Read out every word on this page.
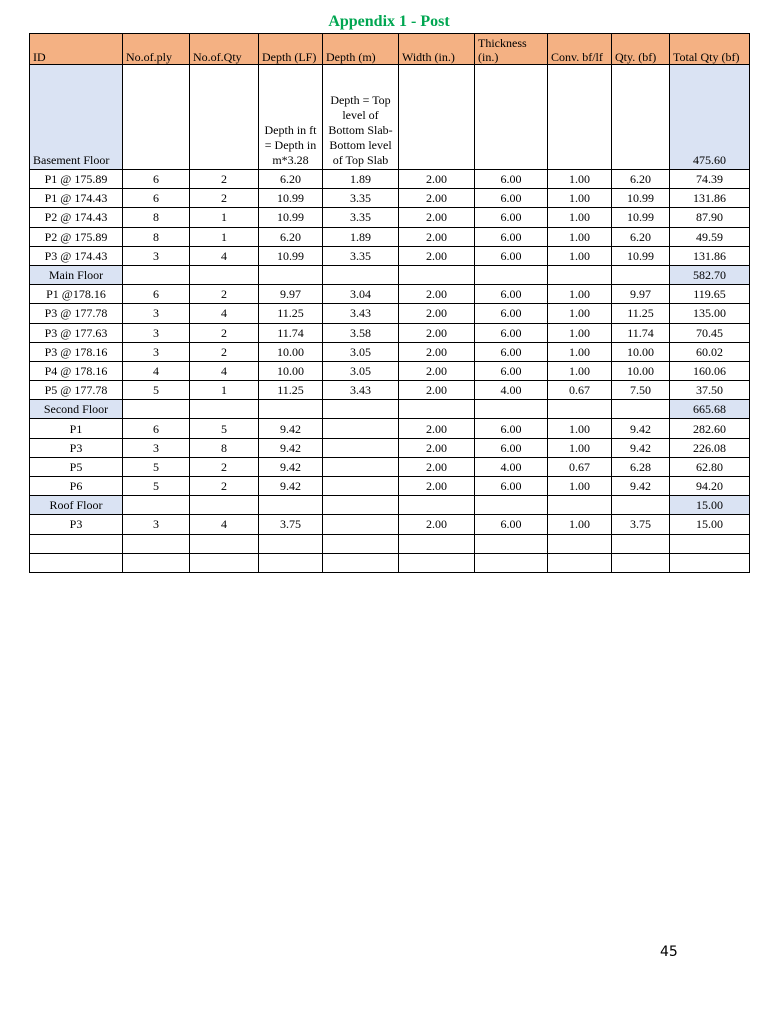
Appendix 1 - Post
ID	No.of.ply	No.of.Qty	Depth (LF)	Depth (m)	Width (in.)	Thickness (in.)	Conv. bf/lf	Qty. (bf)	Total Qty (bf)
Basement Floor			Depth in ft = Depth in m*3.28	Depth = Top level of Bottom Slab- Bottom level of Top Slab					475.60
P1 @ 175.89	6	2	6.20	1.89	2.00	6.00	1.00	6.20	74.39
P1 @ 174.43	6	2	10.99	3.35	2.00	6.00	1.00	10.99	131.86
P2 @ 174.43	8	1	10.99	3.35	2.00	6.00	1.00	10.99	87.90
P2 @ 175.89	8	1	6.20	1.89	2.00	6.00	1.00	6.20	49.59
P3 @ 174.43	3	4	10.99	3.35	2.00	6.00	1.00	10.99	131.86
Main Floor									582.70
P1 @178.16	6	2	9.97	3.04	2.00	6.00	1.00	9.97	119.65
P3 @ 177.78	3	4	11.25	3.43	2.00	6.00	1.00	11.25	135.00
P3 @ 177.63	3	2	11.74	3.58	2.00	6.00	1.00	11.74	70.45
P3 @ 178.16	3	2	10.00	3.05	2.00	6.00	1.00	10.00	60.02
P4 @ 178.16	4	4	10.00	3.05	2.00	6.00	1.00	10.00	160.06
P5 @ 177.78	5	1	11.25	3.43	2.00	4.00	0.67	7.50	37.50
Second Floor									665.68
P1	6	5	9.42		2.00	6.00	1.00	9.42	282.60
P3	3	8	9.42		2.00	6.00	1.00	9.42	226.08
P5	5	2	9.42		2.00	4.00	0.67	6.28	62.80
P6	5	2	9.42		2.00	6.00	1.00	9.42	94.20
Roof Floor									15.00
P3	3	4	3.75		2.00	6.00	1.00	3.75	15.00

45
